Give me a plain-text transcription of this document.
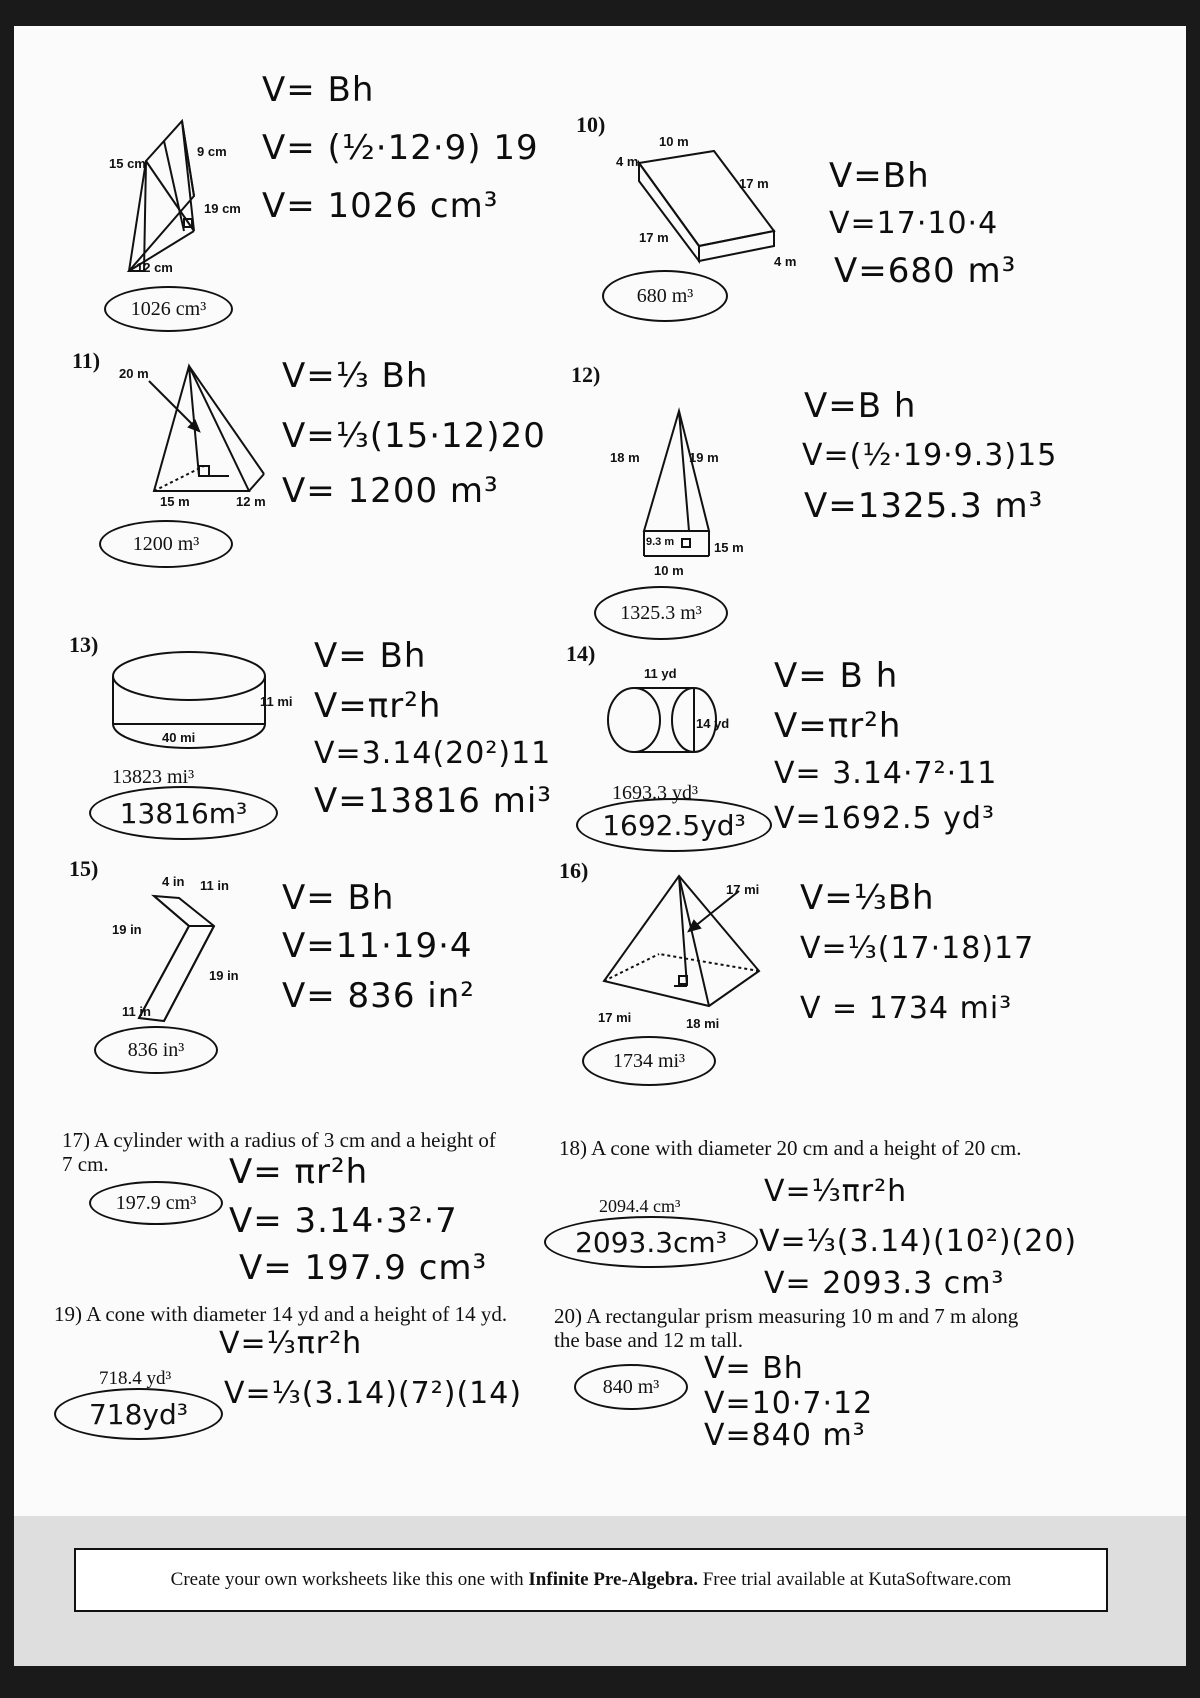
15 cm
9 cm
19 cm
12 cm
1026 cm³
V= Bh
V= (½·12·9) 19
V= 1026 cm³
10)
10 m
4 m
17 m
17 m
4 m
680 m³
V=Bh
V=17·10·4
V=680 m³
11)
20 m
15 m	12 m
1200 m³
V=⅓ Bh
V=⅓(15·12)20
V= 1200 m³
12)
18 m	19 m
9.3 m	15 m
10 m
1325.3 m³
V=B h
V=(½·19·9.3)15
V=1325.3 m³
13)
40 mi
11 mi
13823 mi³
13816m³
V= Bh
V=πr²h
V=3.14(20²)11
V=13816 mi³
14)
11 yd
14 yd
1693.3 yd³
1692.5yd³
V= B h
V=πr²h
V= 3.14·7²·11
V=1692.5 yd³
15)
4 in 11 in
19 in
19 in
11 in
836 in³
V= Bh
V=11·19·4
V= 836 in²
16)
17 mi
17 mi	18 mi
1734 mi³
V=⅓Bh
V=⅓(17·18)17
V = 1734 mi³
17) A cylinder with a radius of 3 cm and a height of 7 cm.
197.9 cm³
V= πr²h
V= 3.14·3²·7
V= 197.9 cm³
18) A cone with diameter 20 cm and a height of 20 cm.
2094.4 cm³
2093.3cm³
V=⅓πr²h
V=⅓(3.14)(10²)(20)
V= 2093.3 cm³
19) A cone with diameter 14 yd and a height of 14 yd.
718.4 yd³
718yd³
V=⅓πr²h
V=⅓(3.14)(7²)(14)
20) A rectangular prism measuring 10 m and 7 m along the base and 12 m tall.
840 m³
V= Bh
V=10·7·12
V=840 m³
Create your own worksheets like this one with Infinite Pre-Algebra. Free trial available at KutaSoftware.com
